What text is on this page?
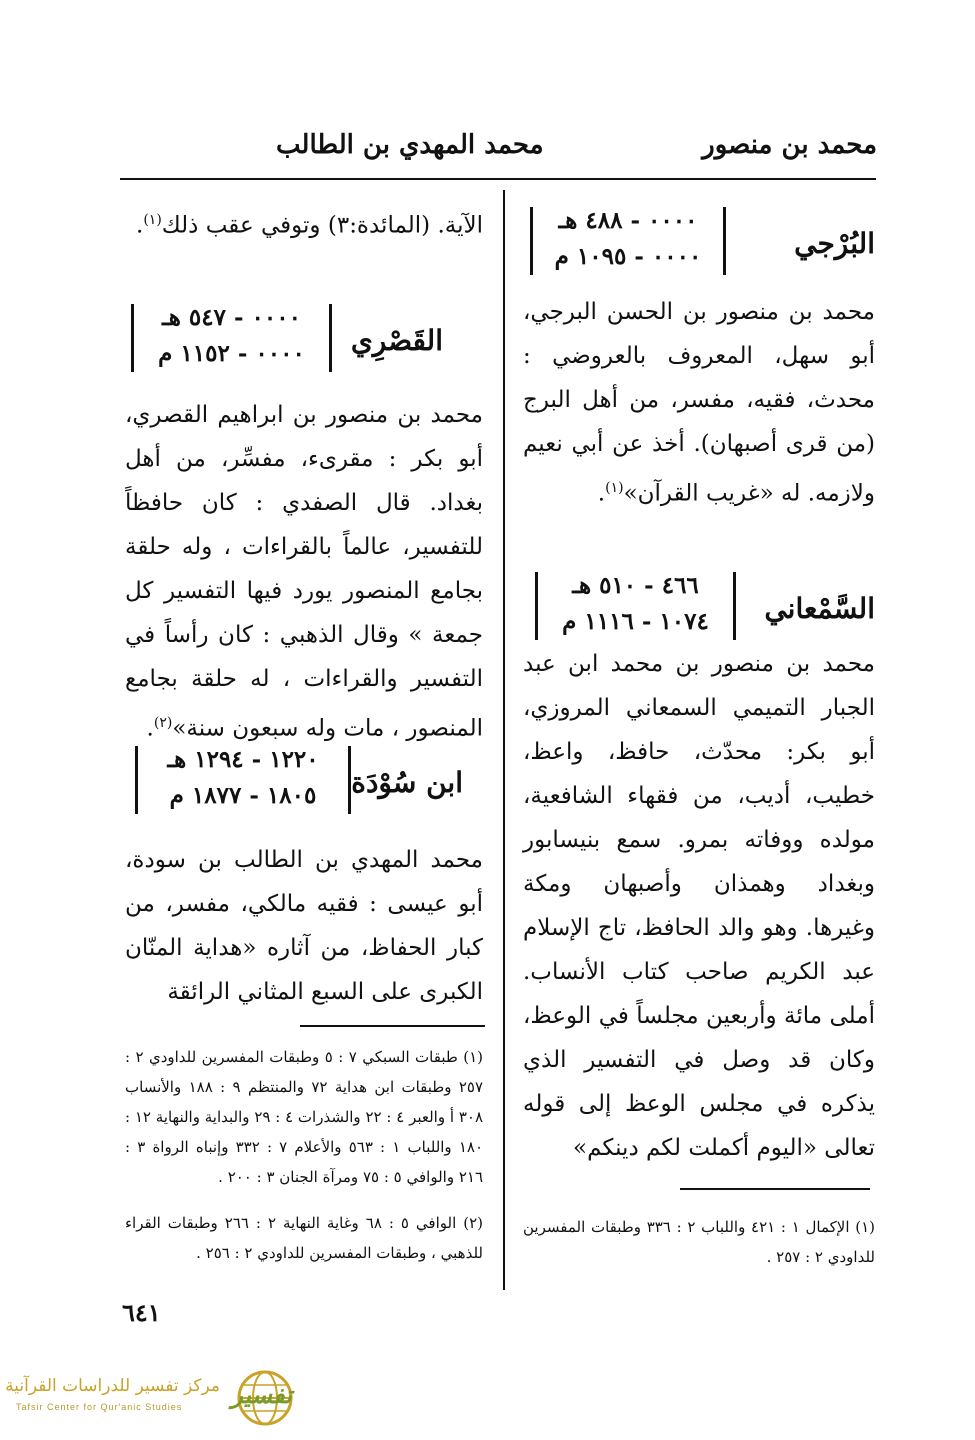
محمد بن منصور
محمد المهدي بن الطالب
البُرْجي
٠٠٠٠ - ٤٨٨ هـ
٠٠٠٠ - ١٠٩٥ م
محمد بن منصور بن الحسن البرجي، أبو سهل، المعروف بالعروضي : محدث، فقيه، مفسر، من أهل البرج (من قرى أصبهان). أخذ عن أبي نعيم ولازمه. له «غريب القرآن»$^{(١)}$.
السَّمْعاني
٤٦٦ - ٥١٠ هـ
١٠٧٤ - ١١١٦ م
محمد بن منصور بن محمد ابن عبد الجبار التميمي السمعاني المروزي، أبو بكر: محدّث، حافظ، واعظ، خطيب، أديب، من فقهاء الشافعية، مولده ووفاته بمرو. سمع بنيسابور وبغداد وهمذان وأصبهان ومكة وغيرها. وهو والد الحافظ، تاج الإسلام عبد الكريم صاحب كتاب الأنساب. أملى مائة وأربعين مجلساً في الوعظ، وكان قد وصل في التفسير الذي يذكره في مجلس الوعظ إلى قوله تعالى «اليوم أكملت لكم دينكم»
(١) الإكمال ١ : ٤٢١ واللباب ٢ : ٣٣٦ وطبقات المفسرين للداودي ٢ : ٢٥٧ .
الآية. (المائدة:٣) وتوفي عقب ذلك$^{(١)}$.
القَصْرِي
٠٠٠٠ - ٥٤٧ هـ
٠٠٠٠ - ١١٥٢ م
محمد بن منصور بن ابراهيم القصري، أبو بكر : مقرىء، مفسِّر، من أهل بغداد. قال الصفدي : كان حافظاً للتفسير، عالماً بالقراءات ، وله حلقة بجامع المنصور يورد فيها التفسير كل جمعة » وقال الذهبي : كان رأساً في التفسير والقراءات ، له حلقة بجامع المنصور ، مات وله سبعون سنة»$^{(٢)}$.
ابن سُوْدَة
١٢٢٠ - ١٢٩٤ هـ
١٨٠٥ - ١٨٧٧ م
محمد المهدي بن الطالب بن سودة، أبو عيسى : فقيه مالكي، مفسر، من كبار الحفاظ، من آثاره «هداية المنّان الكبرى على السبع المثاني الرائقة
(١) طبقات السبكي ٧ : ٥ وطبقات المفسرين للداودي ٢ : ٢٥٧ وطبقات ابن هداية ٧٢ والمنتظم ٩ : ١٨٨ والأنساب ٣٠٨ أ والعبر ٤ : ٢٢ والشذرات ٤ : ٢٩ والبداية والنهاية ١٢ : ١٨٠ واللباب ١ : ٥٦٣ والأعلام ٧ : ٣٣٢ وإنباه الرواة ٣ : ٢١٦ والوافي ٥ : ٧٥ ومرآة الجنان ٣ : ٢٠٠ .
(٢) الوافي ٥ : ٦٨ وغاية النهاية ٢ : ٢٦٦ وطبقات القراء للذهبي ، وطبقات المفسرين للداودي ٢ : ٢٥٦ .
٦٤١
تفسير
مركز تفسير للدراسات القرآنية
Tafsir Center for Qur'anic Studies
